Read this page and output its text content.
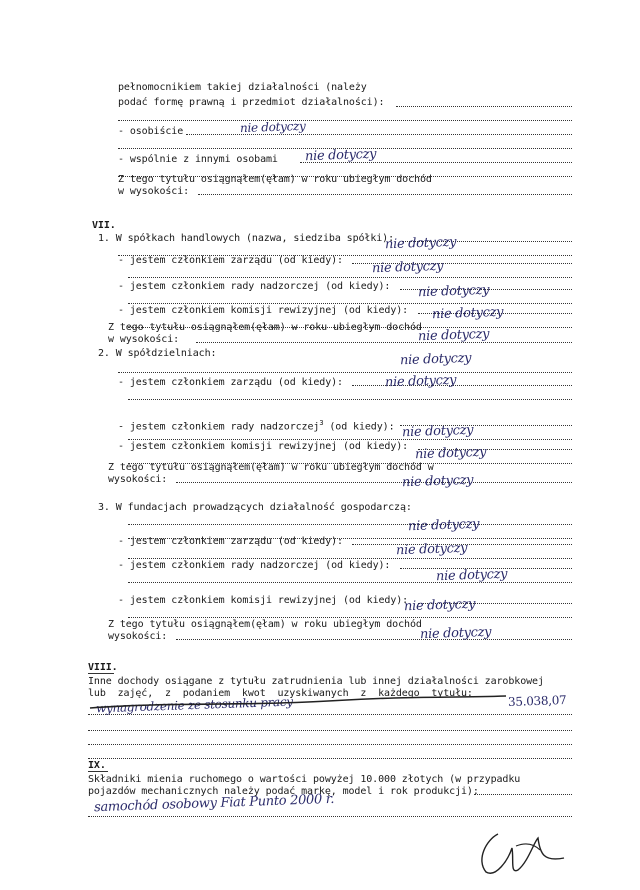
pełnomocnikiem takiej działalności (należy
podać formę prawną i przedmiot działalności):
- osobiście	nie dotyczy
- wspólnie z innymi osobami nie dotyczy
Z tego tytułu osiągnąłem(ęłam) w roku ubiegłym dochód
w wysokości:
VII.
1. W spółkach handlowych (nazwa, siedziba spółki):
nie dotyczy
- jestem członkiem zarządu (od kiedy): nie dotyczy
- jestem członkiem rady nadzorczej (od kiedy): nie dotyczy
- jestem członkiem komisji rewizyjnej (od kiedy): nie dotyczy
Z tego tytułu osiągnąłem(ęłam) w roku ubiegłym dochód
w wysokości:	nie dotyczy
2. W spółdzielniach:	nie dotyczy
- jestem członkiem zarządu (od kiedy):	nie dotyczy
- jestem członkiem rady nadzorczej$^3$ (od kiedy): nie dotyczy
- jestem członkiem komisji rewizyjnej (od kiedy): nie dotyczy
Z tego tytułu osiągnąłem(ęłam) w roku ubiegłym dochód w
wysokości:	nie dotyczy
3. W fundacjach prowadzących działalność gospodarczą:
nie dotyczy
- jestem członkiem zarządu (od kiedy):	nie dotyczy
- jestem członkiem rady nadzorczej (od kiedy):
nie dotyczy
- jestem członkiem komisji rewizyjnej (od kiedy):
nie dotyczy
Z tego tytułu osiągnąłem(ęłam) w roku ubiegłym dochód
wysokości:	nie dotyczy
VIII.
Inne dochody osiągane z tytułu zatrudnienia lub innej działalności zarobkowej
lub  zajęć,  z  podaniem  kwot  uzyskiwanych  z  każdego  tytułu:
wynagrodzenie ze stosunku pracy	35.038,07
IX.
Składniki mienia ruchomego o wartości powyżej 10.000 złotych (w przypadku
pojazdów mechanicznych należy podać markę, model i rok produkcji):
samochód osobowy Fiat Punto 2000 r.
